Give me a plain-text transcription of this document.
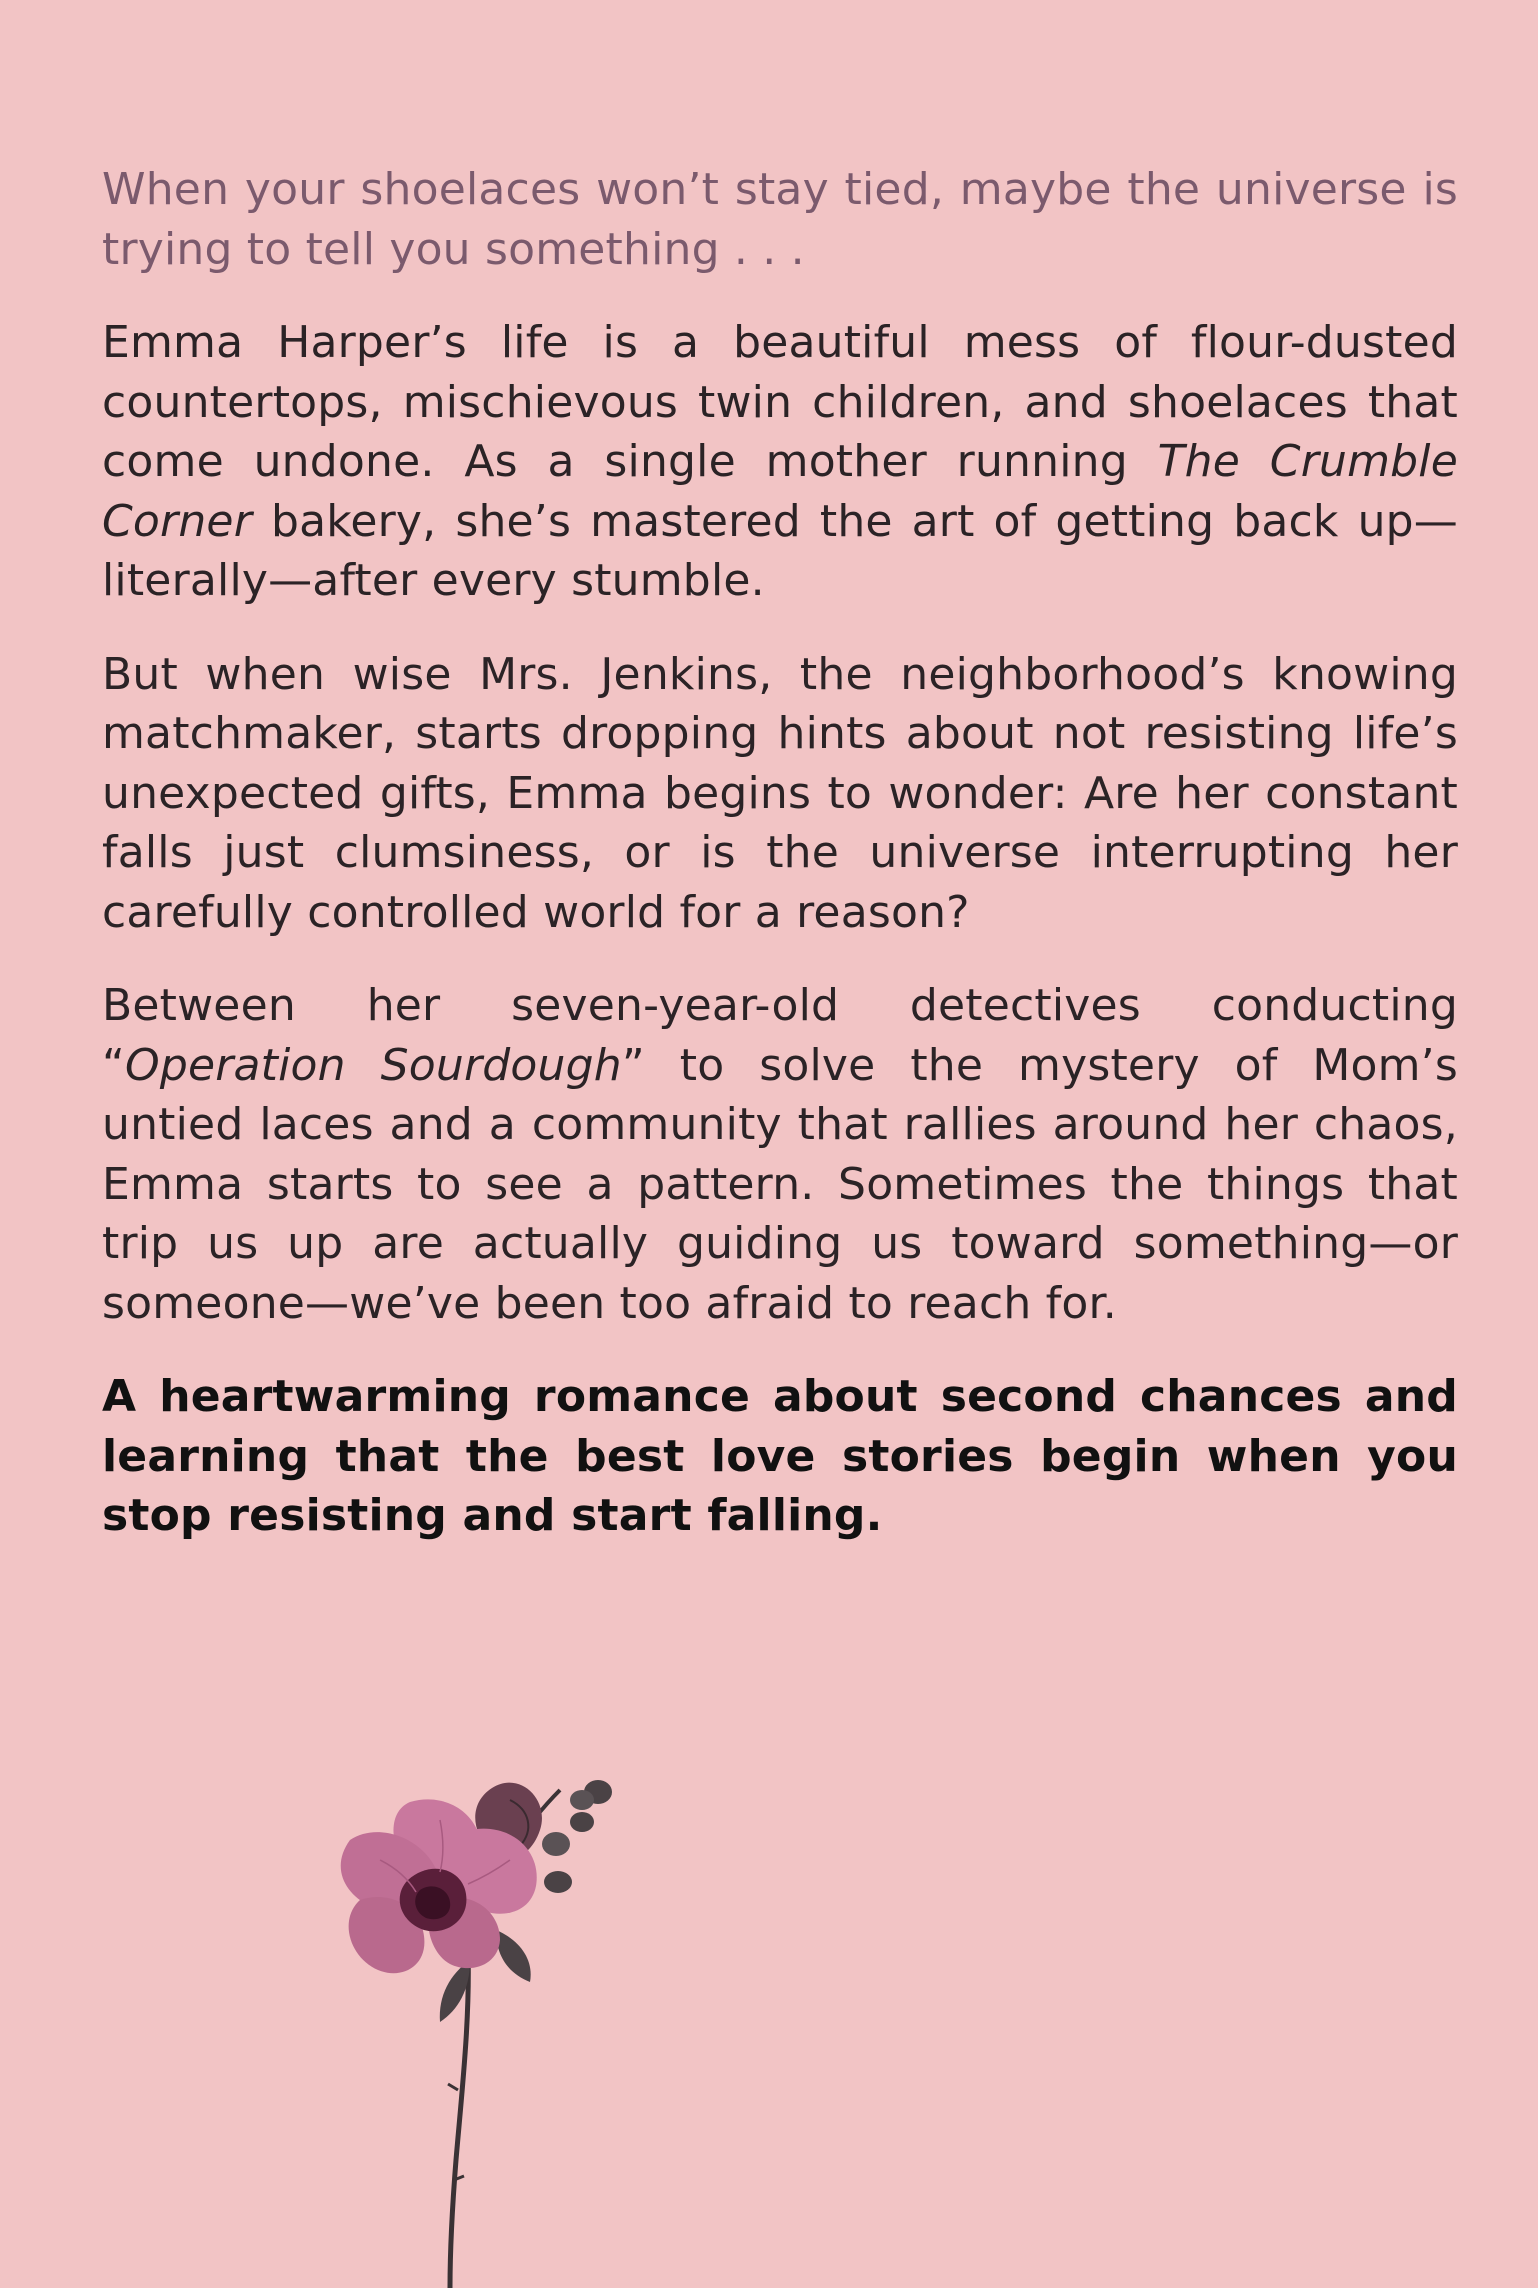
When your shoelaces won’t stay tied, maybe the universe is trying to tell you something . . .

Emma Harper’s life is a beautiful mess of flour-dusted countertops, mischievous twin children, and shoelaces that come undone. As a single mother running The Crumble Corner bakery, she’s mastered the art of getting back up—literally—after every stumble.

But when wise Mrs. Jenkins, the neighborhood’s knowing matchmaker, starts dropping hints about not resisting life’s unexpected gifts, Emma begins to wonder: Are her constant falls just clumsiness, or is the universe interrupting her carefully controlled world for a reason?

Between her seven-year-old detectives conducting “Operation Sourdough” to solve the mystery of Mom’s untied laces and a community that rallies around her chaos, Emma starts to see a pattern. Sometimes the things that trip us up are actually guiding us toward something—or someone—we’ve been too afraid to reach for.

A heartwarming romance about second chances and learning that the best love stories begin when you stop resisting and start falling.
